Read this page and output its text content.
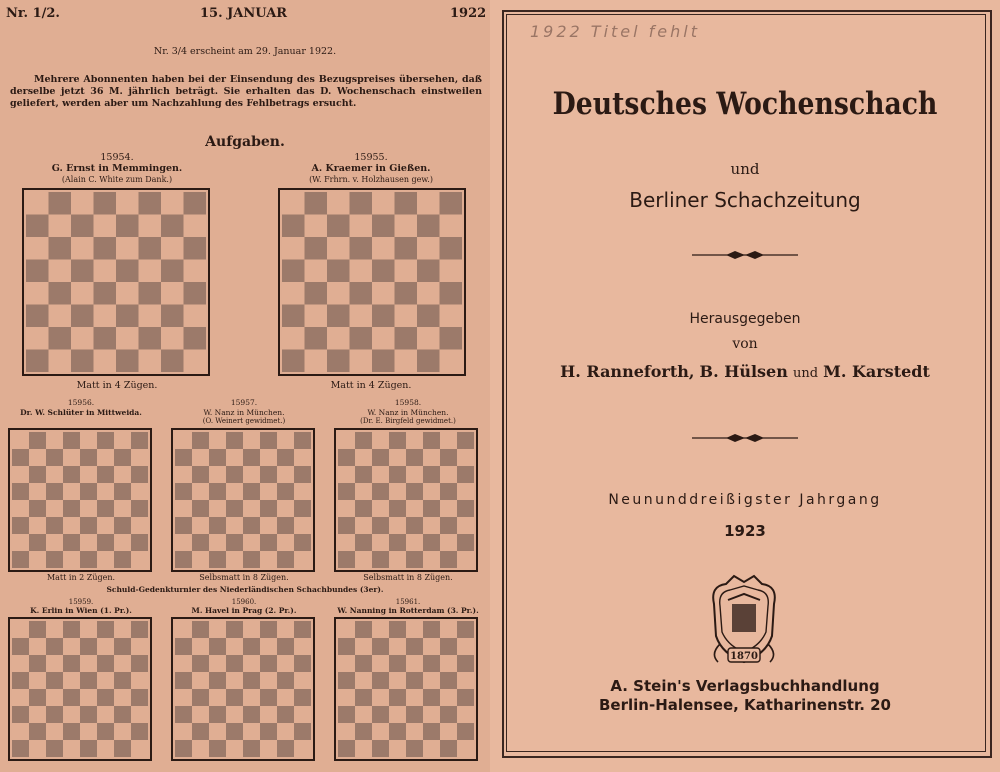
Nr. 1/2.	15. JANUAR	1922
Nr. 3/4 erscheint am 29. Januar 1922.
Mehrere Abonnenten haben bei der Einsendung des Bezugspreises übersehen, daß derselbe jetzt 36 M. jährlich beträgt. Sie erhalten das D. Wochenschach einstweilen geliefert, werden aber um Nachzahlung des Fehlbetrags ersucht.
Aufgaben.
15954.
G. Ernst in Memmingen.
(Alain C. White zum Dank.)
Matt in 4 Zügen.
15955.
A. Kraemer in Gießen.
(W. Frhrn. v. Holzhausen gew.)
Matt in 4 Zügen.
15956.
Dr. W. Schlüter in Mittweida.
Matt in 2 Zügen.
15957.
W. Nanz in München.
(O. Weinert gewidmet.)
Selbsmatt in 8 Zügen.
15958.
W. Nanz in München.
(Dr. E. Birgfeld gewidmet.)
Selbsmatt in 8 Zügen.
Schuld-Gedenkturnier des Niederländischen Schachbundes (3er).
15959.
K. Erlin in Wien (1. Pr.).
15960.
M. Havel in Prag (2. Pr.).
15961.
W. Nanning in Rotterdam (3. Pr.).
1922 Titel fehlt
Deutsches Wochenschach
und
Berliner Schachzeitung
Herausgegeben
von
H. Ranneforth, B. Hülsen und M. Karstedt
Neununddreißigster Jahrgang
1923
1870
A. Stein's Verlagsbuchhandlung
Berlin-Halensee, Katharinenstr. 20
